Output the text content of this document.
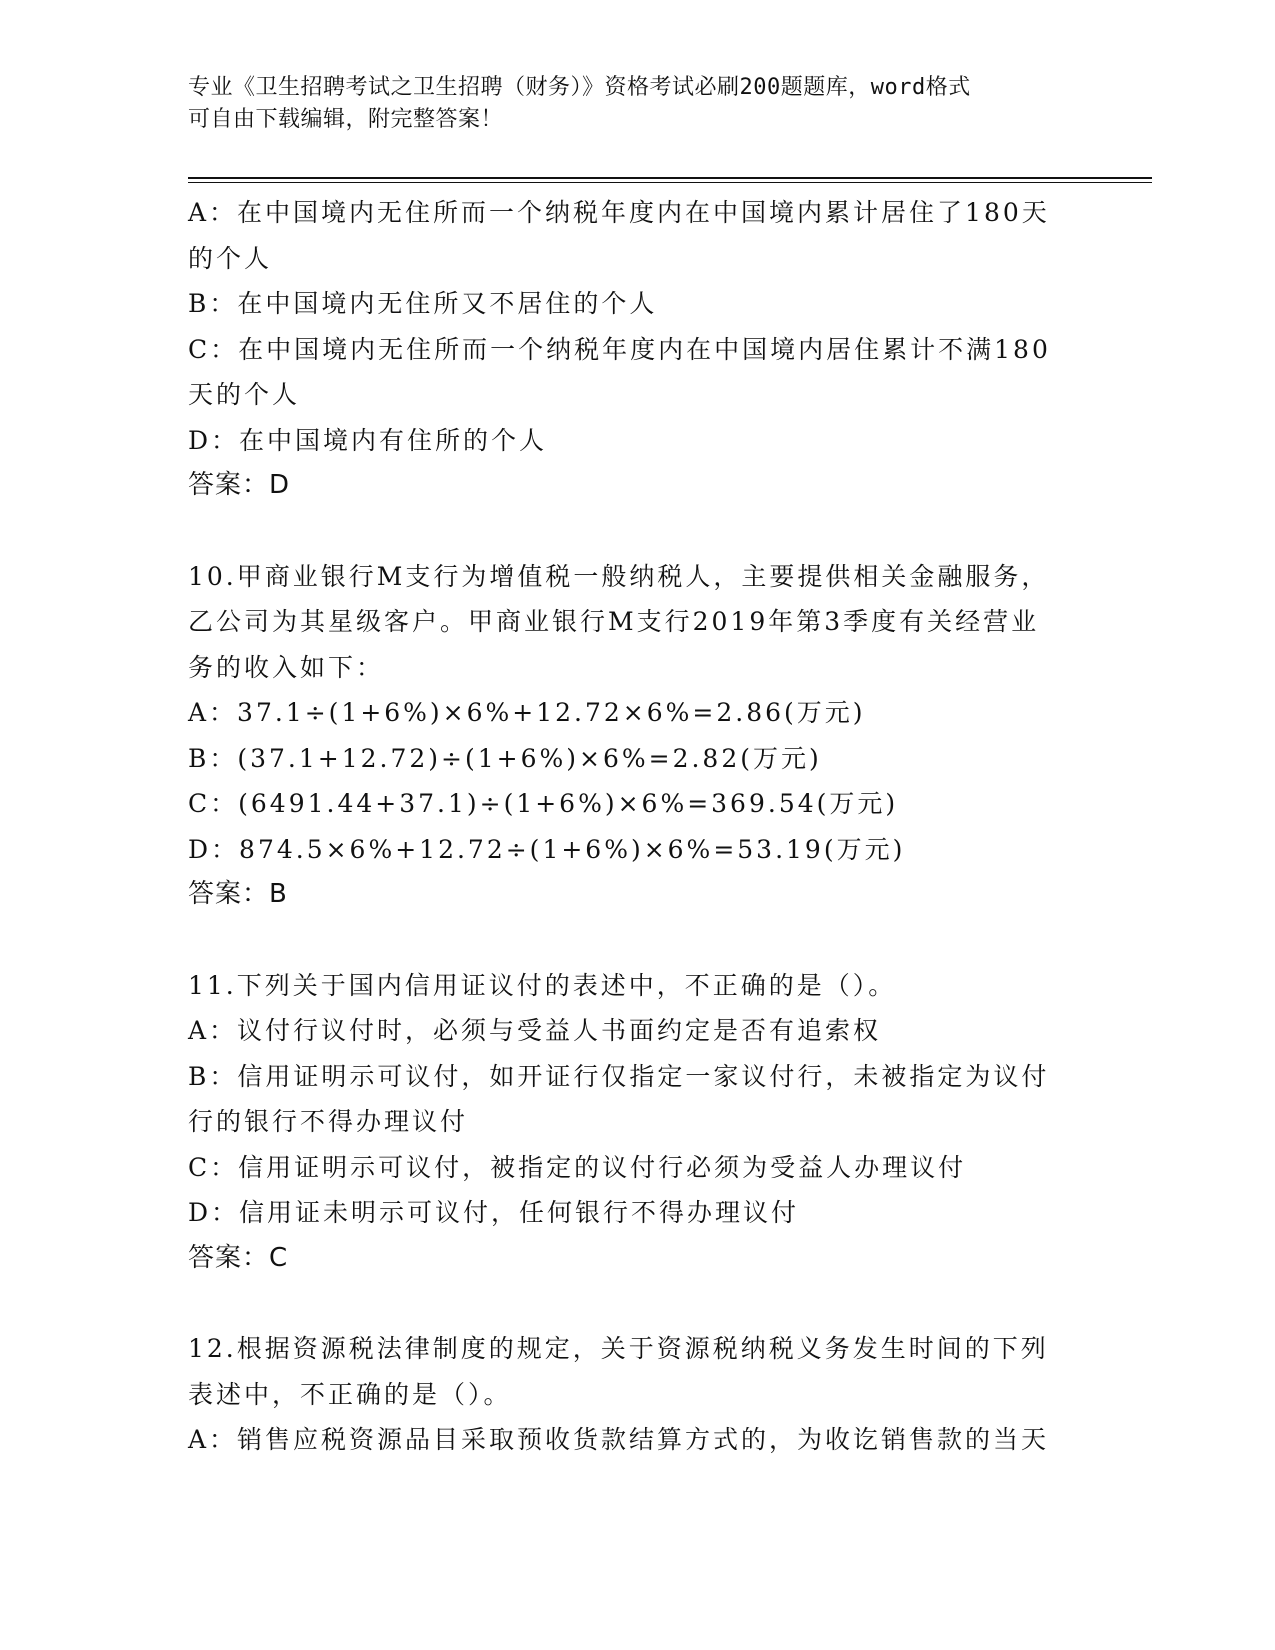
专业《卫生招聘考试之卫生招聘（财务）》资格考试必刷200题题库，word格式
可自由下载编辑，附完整答案！
A：在中国境内无住所而一个纳税年度内在中国境内累计居住了180天
的个人
B：在中国境内无住所又不居住的个人
C：在中国境内无住所而一个纳税年度内在中国境内居住累计不满180
天的个人
D：在中国境内有住所的个人
答案：D
10.甲商业银行M支行为增值税一般纳税人，主要提供相关金融服务，
乙公司为其星级客户。甲商业银行M支行2019年第3季度有关经营业
务的收入如下：
A：37.1÷(1+6%)×6%+12.72×6%=2.86(万元)
B：(37.1+12.72)÷(1+6%)×6%=2.82(万元)
C：(6491.44+37.1)÷(1+6%)×6%=369.54(万元)
D：874.5×6%+12.72÷(1+6%)×6%=53.19(万元)
答案：B
11.下列关于国内信用证议付的表述中，不正确的是（）。
A：议付行议付时，必须与受益人书面约定是否有追索权
B：信用证明示可议付，如开证行仅指定一家议付行，未被指定为议付
行的银行不得办理议付
C：信用证明示可议付，被指定的议付行必须为受益人办理议付
D：信用证未明示可议付，任何银行不得办理议付
答案：C
12.根据资源税法律制度的规定，关于资源税纳税义务发生时间的下列
表述中，不正确的是（）。
A：销售应税资源品目采取预收货款结算方式的，为收讫销售款的当天
